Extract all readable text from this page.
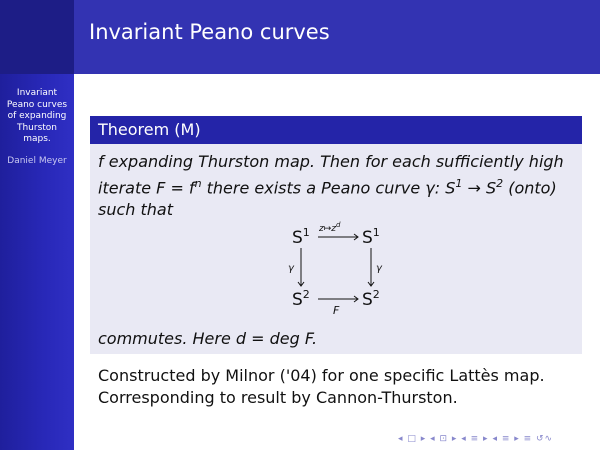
Invariant
Peano curves
of expanding
Thurston
maps.
Daniel Meyer
Invariant Peano curves
Theorem (M)
f expanding Thurston map. Then for each sufficiently high
iterate $F = f^n$ there exists a Peano curve γ: $S^1 \to S^2$ (onto)
such that
$S^1$	$S^1$
$S^2$	$S^2$
$z↦z^d$
F
γ	γ
commutes. Here d = deg F.
Constructed by Milnor ('04) for one specific Lattès map.
Corresponding to result by Cannon-Thurston.
◂ □ ▸ ◂ ⊡ ▸ ◂ ≡ ▸ ◂ ≡ ▸ ≡ ↺∿
